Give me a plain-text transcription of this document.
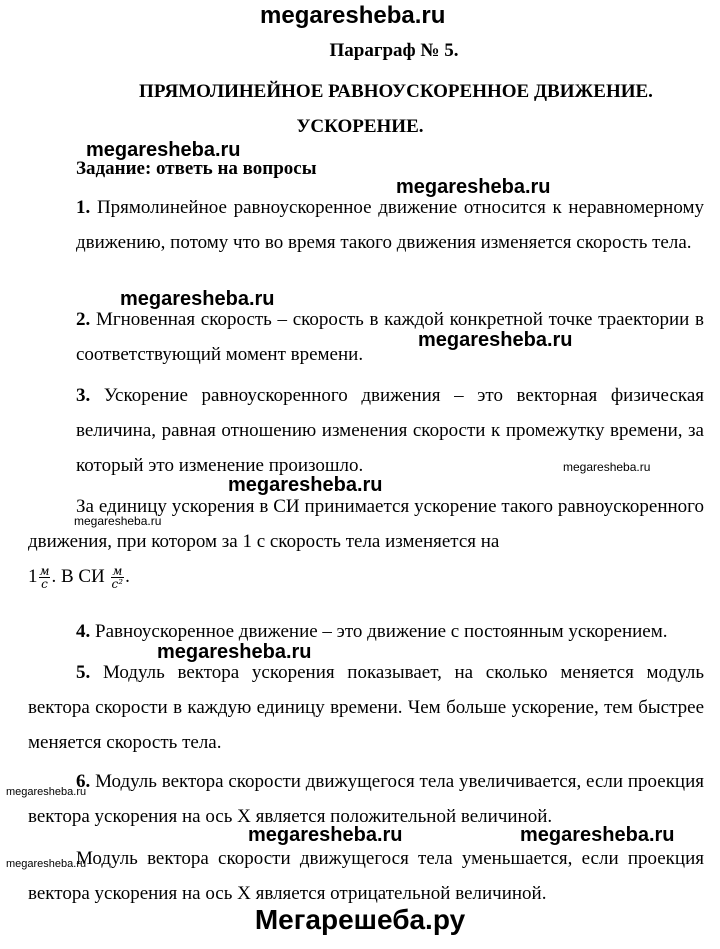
megaresheba.ru
megaresheba.ru
megaresheba.ru
megaresheba.ru
megaresheba.ru
megaresheba.ru
megaresheba.ru
megaresheba.ru
megaresheba.ru
megaresheba.ru
megaresheba.ru	megaresheba.ru
megaresheba.ru
Параграф № 5.
ПРЯМОЛИНЕЙНОЕ РАВНОУСКОРЕННОЕ ДВИЖЕНИЕ.
УСКОРЕНИЕ.
Задание: ответь на вопросы
1. Прямолинейное равноускоренное движение относится к неравномерному движению, потому что во время такого движения изменяется скорость тела.
2. Мгновенная скорость – скорость в каждой конкретной точке траектории в соответствующий момент времени.
3. Ускорение равноускоренного движения – это векторная физическая величина, равная отношению изменения скорости к промежутку времени, за который это изменение произошло.
За единицу ускорения в СИ принимается ускорение такого равноускоренного движения, при котором за 1 с скорость тела изменяется на
$1 \frac{м}{с}$ . В СИ $\frac{м}{\text{с²}}$ .
4. Равноускоренное движение – это движение с постоянным ускорением.
5. Модуль вектора ускорения показывает, на сколько меняется модуль вектора скорости в каждую единицу времени. Чем больше ускорение, тем быстрее меняется скорость тела.
6. Модуль вектора скорости движущегося тела увеличивается, если проекция вектора ускорения на ось Х является положительной величиной.
Модуль вектора скорости движущегося тела уменьшается, если проекция вектора ускорения на ось Х является отрицательной величиной.
Мегарешеба.ру
